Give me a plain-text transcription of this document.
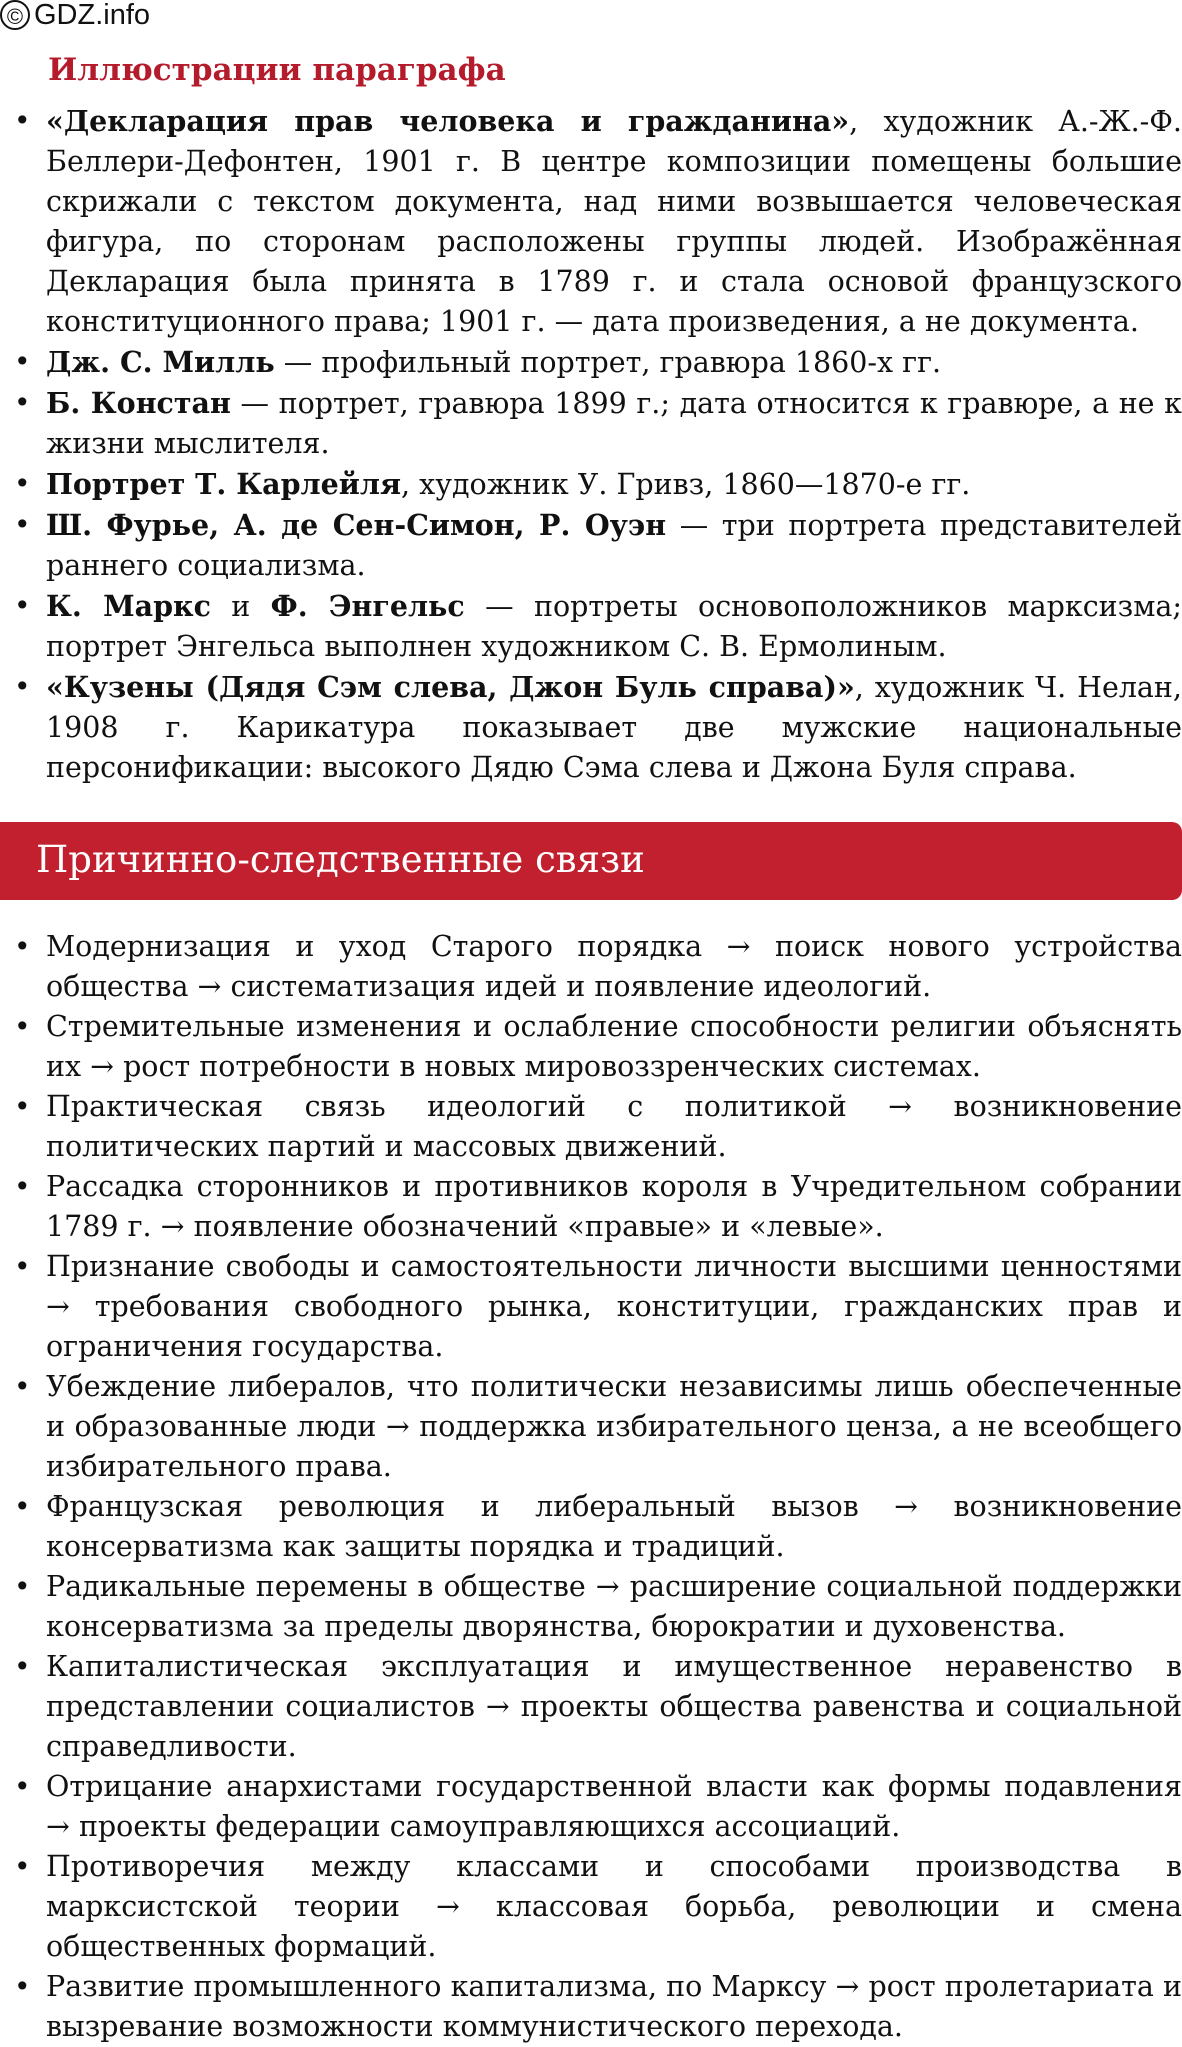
© GDZ.info
Иллюстрации параграфа
• «Декларация прав человека и гражданина», художник А.-Ж.-Ф. Беллери-Дефонтен, 1901 г. В центре композиции помещены большие скрижали с текстом документа, над ними возвышается человеческая фигура, по сторонам расположены группы людей. Изображённая Декларация была принята в 1789 г. и стала основой французского конституционного права; 1901 г. — дата произведения, а не документа.
• Дж. С. Милль — профильный портрет, гравюра 1860-х гг.
• Б. Констан — портрет, гравюра 1899 г.; дата относится к гравюре, а не к жизни мыслителя.
• Портрет Т. Карлейля, художник У. Гривз, 1860—1870-е гг.
• Ш. Фурье, А. де Сен-Симон, Р. Оуэн — три портрета представителей раннего социализма.
• К. Маркс и Ф. Энгельс — портреты основоположников марксизма; портрет Энгельса выполнен художником С. В. Ермолиным.
• «Кузены (Дядя Сэм слева, Джон Буль справа)», художник Ч. Нелан, 1908 г. Карикатура показывает две мужские национальные персонификации: высокого Дядю Сэма слева и Джона Буля справа.
Причинно-следственные связи
• Модернизация и уход Старого порядка → поиск нового устройства общества → систематизация идей и появление идеологий.
• Стремительные изменения и ослабление способности религии объяснять их → рост потребности в новых мировоззренческих системах.
• Практическая связь идеологий с политикой → возникновение политических партий и массовых движений.
• Рассадка сторонников и противников короля в Учредительном собрании 1789 г. → появление обозначений «правые» и «левые».
• Признание свободы и самостоятельности личности высшими ценностями → требования свободного рынка, конституции, гражданских прав и ограничения государства.
• Убеждение либералов, что политически независимы лишь обеспеченные и образованные люди → поддержка избирательного ценза, а не всеобщего избирательного права.
• Французская революция и либеральный вызов → возникновение консерватизма как защиты порядка и традиций.
• Радикальные перемены в обществе → расширение социальной поддержки консерватизма за пределы дворянства, бюрократии и духовенства.
• Капиталистическая эксплуатация и имущественное неравенство в представлении социалистов → проекты общества равенства и социальной справедливости.
• Отрицание анархистами государственной власти как формы подавления → проекты федерации самоуправляющихся ассоциаций.
• Противоречия между классами и способами производства в марксистской теории → классовая борьба, революции и смена общественных формаций.
• Развитие промышленного капитализма, по Марксу → рост пролетариата и вызревание возможности коммунистического перехода.
